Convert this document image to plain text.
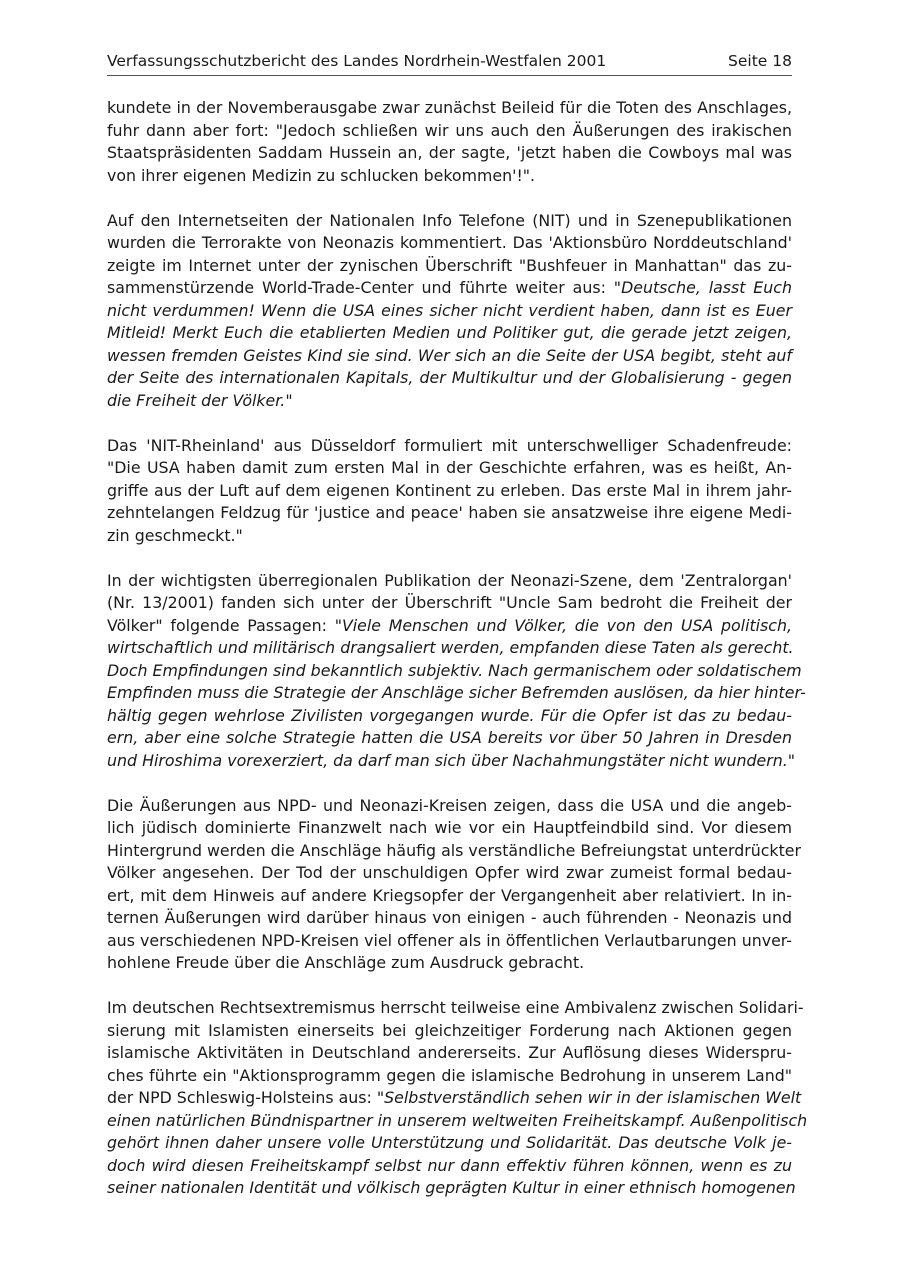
Verfassungsschutzbericht des Landes Nordrhein-Westfalen 2001	Seite 18
kundete in der Novemberausgabe zwar zunächst Beileid für die Toten des Anschlages,
fuhr dann aber fort: "Jedoch schließen wir uns auch den Äußerungen des irakischen
Staatspräsidenten Saddam Hussein an, der sagte, 'jetzt haben die Cowboys mal was
von ihrer eigenen Medizin zu schlucken bekommen'!".
Auf den Internetseiten der Nationalen Info Telefone (NIT) und in Szenepublikationen
wurden die Terrorakte von Neonazis kommentiert. Das 'Aktionsbüro Norddeutschland'
zeigte im Internet unter der zynischen Überschrift "Bushfeuer in Manhattan" das zu-
sammenstürzende World-Trade-Center und führte weiter aus: "Deutsche, lasst Euch
nicht verdummen! Wenn die USA eines sicher nicht verdient haben, dann ist es Euer
Mitleid! Merkt Euch die etablierten Medien und Politiker gut, die gerade jetzt zeigen,
wessen fremden Geistes Kind sie sind. Wer sich an die Seite der USA begibt, steht auf
der Seite des internationalen Kapitals, der Multikultur und der Globalisierung - gegen
die Freiheit der Völker."
Das 'NIT-Rheinland' aus Düsseldorf formuliert mit unterschwelliger Schadenfreude:
"Die USA haben damit zum ersten Mal in der Geschichte erfahren, was es heißt, An-
griffe aus der Luft auf dem eigenen Kontinent zu erleben. Das erste Mal in ihrem jahr-
zehntelangen Feldzug für 'justice and peace' haben sie ansatzweise ihre eigene Medi-
zin geschmeckt."
In der wichtigsten überregionalen Publikation der Neonazi-Szene, dem 'Zentralorgan'
(Nr. 13/2001) fanden sich unter der Überschrift "Uncle Sam bedroht die Freiheit der
Völker" folgende Passagen: "Viele Menschen und Völker, die von den USA politisch,
wirtschaftlich und militärisch drangsaliert werden, empfanden diese Taten als gerecht.
Doch Empfindungen sind bekanntlich subjektiv. Nach germanischem oder soldatischem
Empfinden muss die Strategie der Anschläge sicher Befremden auslösen, da hier hinter-
hältig gegen wehrlose Zivilisten vorgegangen wurde. Für die Opfer ist das zu bedau-
ern, aber eine solche Strategie hatten die USA bereits vor über 50 Jahren in Dresden
und Hiroshima vorexerziert, da darf man sich über Nachahmungstäter nicht wundern."
Die Äußerungen aus NPD- und Neonazi-Kreisen zeigen, dass die USA und die angeb-
lich jüdisch dominierte Finanzwelt nach wie vor ein Hauptfeindbild sind. Vor diesem
Hintergrund werden die Anschläge häufig als verständliche Befreiungstat unterdrückter
Völker angesehen. Der Tod der unschuldigen Opfer wird zwar zumeist formal bedau-
ert, mit dem Hinweis auf andere Kriegsopfer der Vergangenheit aber relativiert. In in-
ternen Äußerungen wird darüber hinaus von einigen - auch führenden - Neonazis und
aus verschiedenen NPD-Kreisen viel offener als in öffentlichen Verlautbarungen unver-
hohlene Freude über die Anschläge zum Ausdruck gebracht.
Im deutschen Rechtsextremismus herrscht teilweise eine Ambivalenz zwischen Solidari-
sierung mit Islamisten einerseits bei gleichzeitiger Forderung nach Aktionen gegen
islamische Aktivitäten in Deutschland andererseits. Zur Auflösung dieses Widerspru-
ches führte ein "Aktionsprogramm gegen die islamische Bedrohung in unserem Land"
der NPD Schleswig-Holsteins aus: "Selbstverständlich sehen wir in der islamischen Welt
einen natürlichen Bündnispartner in unserem weltweiten Freiheitskampf. Außenpolitisch
gehört ihnen daher unsere volle Unterstützung und Solidarität. Das deutsche Volk je-
doch wird diesen Freiheitskampf selbst nur dann effektiv führen können, wenn es zu
seiner nationalen Identität und völkisch geprägten Kultur in einer ethnisch homogenen
